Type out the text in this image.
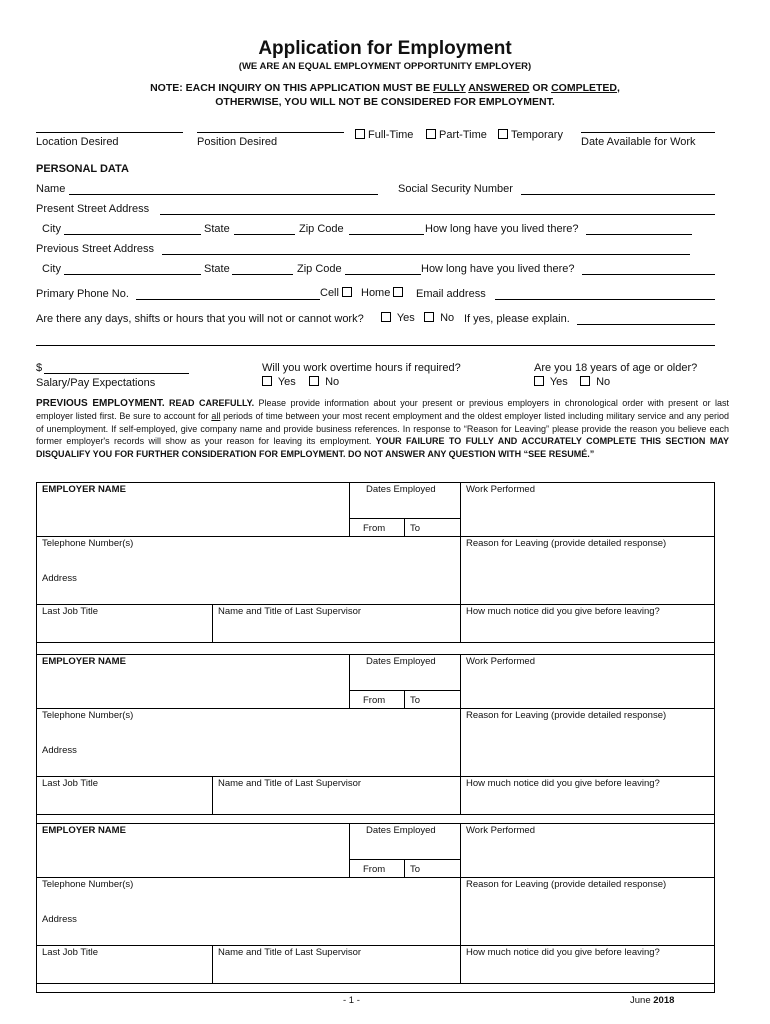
Application for Employment
(WE ARE AN EQUAL EMPLOYMENT OPPORTUNITY EMPLOYER)
NOTE: EACH INQUIRY ON THIS APPLICATION MUST BE FULLY ANSWERED OR COMPLETED,
OTHERWISE, YOU WILL NOT BE CONSIDERED FOR EMPLOYMENT.
Location Desired	Position Desired
Full-Time	Part-Time	Temporary
Date Available for Work
PERSONAL DATA
Name	Social Security Number
Present Street Address
City	State	Zip Code	How long have you lived there?
Previous Street Address
City	State	Zip Code	How long have you lived there?
Primary Phone No.	Cell	Home	Email address
Are there any days, shifts or hours that you will not or cannot work?	Yes	No If yes, please explain.
$
Salary/Pay Expectations
Will you work overtime hours if required?
Yes	No
Are you 18 years of age or older?
Yes	No
PREVIOUS EMPLOYMENT. READ CAREFULLY. Please provide information about your present or previous employers in chronological order with present or last employer listed first. Be sure to account for all periods of time between your most recent employment and the oldest employer listed including military service and any period of unemployment. If self-employed, give company name and provide business references. In response to “Reason for Leaving” please provide the reason you believe each former employer's records will show as your reason for leaving its employment. YOUR FAILURE TO FULLY AND ACCURATELY COMPLETE THIS SECTION MAY DISQUALIFY YOU FOR FURTHER CONSIDERATION FOR EMPLOYMENT. DO NOT ANSWER ANY QUESTION WITH “SEE RESUMÉ.”
EMPLOYER NAME	Dates Employed	Work Performed
From	To
Telephone Number(s)	Reason for Leaving (provide detailed response)
Address
Last Job Title	Name and Title of Last Supervisor	How much notice did you give before leaving?
EMPLOYER NAME	Dates Employed	Work Performed
From	To
Telephone Number(s)	Reason for Leaving (provide detailed response)
Address
Last Job Title	Name and Title of Last Supervisor	How much notice did you give before leaving?
EMPLOYER NAME	Dates Employed	Work Performed
From	To
Telephone Number(s)	Reason for Leaving (provide detailed response)
Address
Last Job Title	Name and Title of Last Supervisor	How much notice did you give before leaving?
- 1 -	June 2018
